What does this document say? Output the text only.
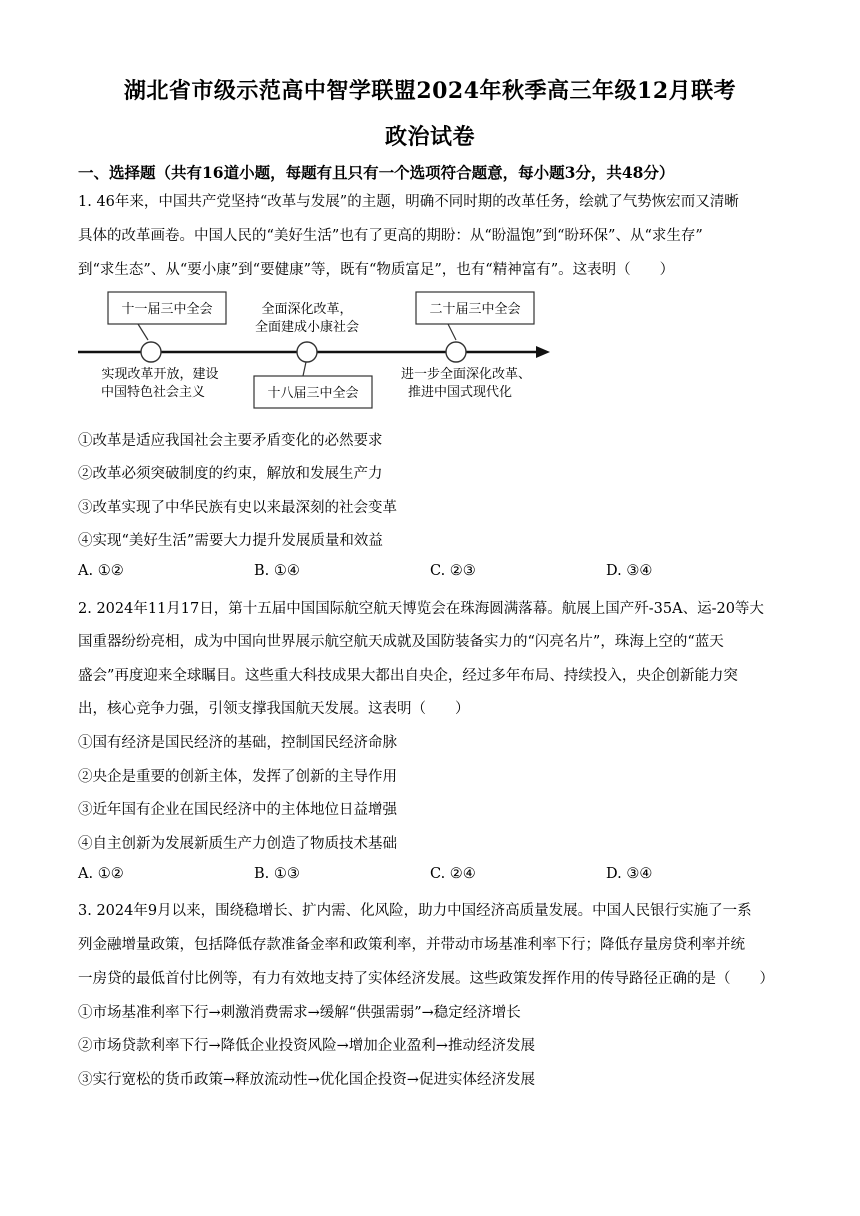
湖北省市级示范高中智学联盟2024年秋季高三年级12月联考
政治试卷
一、选择题（共有16道小题，每题有且只有一个选项符合题意，每小题3分，共48分）
1. 46年来，中国共产党坚持“改革与发展”的主题，明确不同时期的改革任务，绘就了气势恢宏而又清晰
具体的改革画卷。中国人民的“美好生活”也有了更高的期盼：从“盼温饱”到“盼环保”、从“求生存”
到“求生态”、从“要小康”到“要健康”等，既有“物质富足”，也有“精神富有”。这表明（　　）
十一届三中全会	二十届三中全会
十八届三中全会
全面深化改革，
全面建成小康社会
实现改革开放，建设
中国特色社会主义
进一步全面深化改革、
推进中国式现代化
①改革是适应我国社会主要矛盾变化的必然要求
②改革必须突破制度的约束，解放和发展生产力
③改革实现了中华民族有史以来最深刻的社会变革
④实现“美好生活”需要大力提升发展质量和效益
A. ①②	B. ①④	C. ②③	D. ③④
2. 2024年11月17日，第十五届中国国际航空航天博览会在珠海圆满落幕。航展上国产歼-35A、运-20等大
国重器纷纷亮相，成为中国向世界展示航空航天成就及国防装备实力的“闪亮名片”，珠海上空的“蓝天
盛会”再度迎来全球瞩目。这些重大科技成果大都出自央企，经过多年布局、持续投入，央企创新能力突
出，核心竞争力强，引领支撑我国航天发展。这表明（　　）
①国有经济是国民经济的基础，控制国民经济命脉
②央企是重要的创新主体，发挥了创新的主导作用
③近年国有企业在国民经济中的主体地位日益增强
④自主创新为发展新质生产力创造了物质技术基础
A. ①②	B. ①③	C. ②④	D. ③④
3. 2024年9月以来，围绕稳增长、扩内需、化风险，助力中国经济高质量发展。中国人民银行实施了一系
列金融增量政策，包括降低存款准备金率和政策利率，并带动市场基准利率下行；降低存量房贷利率并统
一房贷的最低首付比例等，有力有效地支持了实体经济发展。这些政策发挥作用的传导路径正确的是（　　）
①市场基准利率下行→刺激消费需求→缓解“供强需弱”→稳定经济增长
②市场贷款利率下行→降低企业投资风险→增加企业盈利→推动经济发展
③实行宽松的货币政策→释放流动性→优化国企投资→促进实体经济发展
